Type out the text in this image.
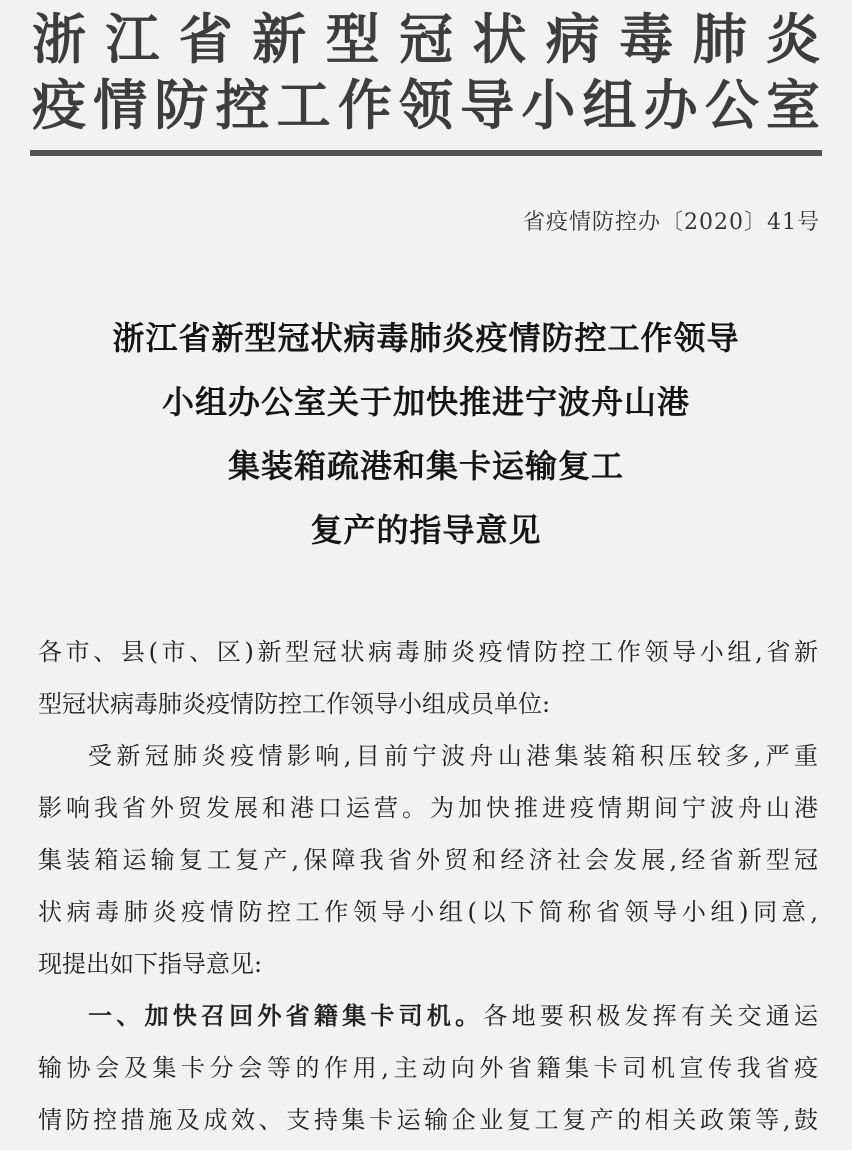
浙江省新型冠状病毒肺炎
疫情防控工作领导小组办公室
省疫情防控办〔2020〕41号
浙江省新型冠状病毒肺炎疫情防控工作领导
小组办公室关于加快推进宁波舟山港
集装箱疏港和集卡运输复工
复产的指导意见
各市、县(市、区)新型冠状病毒肺炎疫情防控工作领导小组,省新
型冠状病毒肺炎疫情防控工作领导小组成员单位:
受新冠肺炎疫情影响,目前宁波舟山港集装箱积压较多,严重
影响我省外贸发展和港口运营。为加快推进疫情期间宁波舟山港
集装箱运输复工复产,保障我省外贸和经济社会发展,经省新型冠
状病毒肺炎疫情防控工作领导小组(以下简称省领导小组)同意,
现提出如下指导意见:
一、加快召回外省籍集卡司机。各地要积极发挥有关交通运
输协会及集卡分会等的作用,主动向外省籍集卡司机宣传我省疫
情防控措施及成效、支持集卡运输企业复工复产的相关政策等,鼓
